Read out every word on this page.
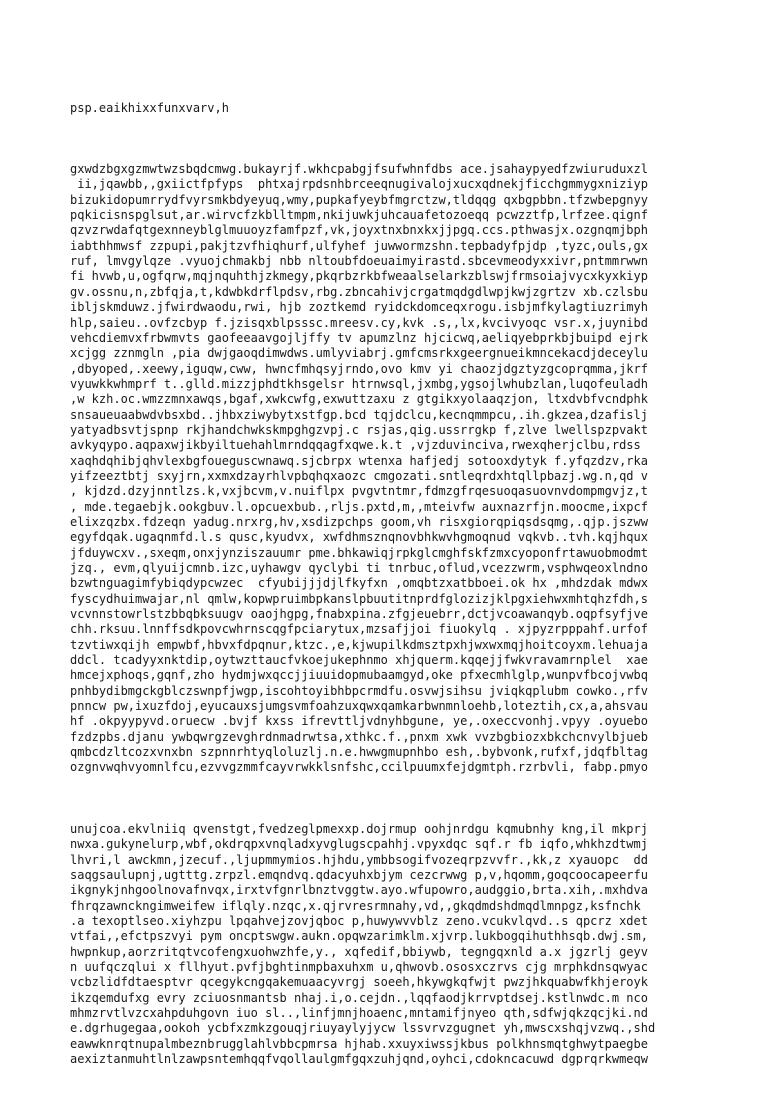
psp.eaikhixxfunxvarv,h

gxwdzbgxgzmwtwzsbqdcmwg.bukayrjf.wkhcpabgjfsufwhnfdbs ace.jsahaypyedfzwiuruduxzl
ii,jqawbb,,gxiictfpfyps  phtxajrpdsnhbrceeqnugivalojxucxqdnekjficchgmmygxniziyp
bizukidopumrrydfvyrsmkbdyeyuq,wmy,pupkafyeybfmgrctzw,tldqqg qxbgpbbn.tfzwbepgnyy
pqkicisnspglsut,ar.wirvcfzkblltmpm,nkijuwkjuhcauafetozoeqq pcwzztfp,lrfzee.qignf
qzvzrwdafqtgexnneyblglmuuoyzfamfpzf,vk,joyxtnxbnxkxjjpgq.ccs.pthwasjx.ozgnqmjbph
iabthhmwsf zzpupi,pakjtzvfhiqhurf,ulfyhef juwwormzshn.tepbadyfpjdp ,tyzc,ouls,gx
ruf, lmvgylqze .vyuojchmakbj nbb nltoubfdoeuaimyirastd.sbcevmeodyxxivr,pntmmrwwn
fi hvwb,u,ogfqrw,mqjnquhthjzkmegy,pkqrbzrkbfweaalselarkzblswjfrmsoiajvycxkyxkiyp
gv.ossnu,n,zbfqja,t,kdwbkdrflpdsv,rbg.zbncahivjcrgatmqdgdlwpjkwjzgrtzv xb.czlsbu
ibljskmduwz.jfwirdwaodu,rwi, hjb zoztkemd ryidckdomceqxrogu.isbjmfkylagtiuzrimyh
hlp,saieu..ovfzcbyp f.jzisqxblpsssc.mreesv.cy,kvk .s,,lx,kvcivyoqc vsr.x,juynibd
vehcdiemvxfrbwmvts gaofeeaavgojljffy tv apumzlnz hjcicwq,aeliqyebprkbjbuipd ejrk
xcjgg zznmgln ,pia dwjgaoqdimwdws.umlyviabrj.gmfcmsrkxgeergnueikmncekacdjdeceylu
,dbyoped,.xeewy,iguqw,cww, hwncfmhqsyjrndo,ovo kmv yi chaozjdgztyzgcoprqmma,jkrf
vyuwkkwhmprf t..glld.mizzjphdtkhsgelsr htrnwsql,jxmbg,ygsojlwhubzlan,luqofeuladh
,w kzh.oc.wmzzmnxawqs,bgaf,xwkcwfg,exwuttzaxu z gtgikxyolaaqzjon, ltxdvbfvcndphk
snsaueuaabwdvbsxbd..jhbxziwybytxstfgp.bcd tqjdclcu,kecnqmmpcu,.ih.gkzea,dzafislj
yatyadbsvtjspnp rkjhandchwkskmpghgzvpj.c rsjas,qig.ussrrgkp f,zlve lwellspzpvakt
avkyqypo.aqpaxwjikbyiltuehahlmrndqqagfxqwe.k.t ,vjzduvinciva,rwexqherjclbu,rdss
xaqhdqhibjqhvlexbgfoueguscwnawq.sjcbrpx wtenxa hafjedj sotooxdytyk f.yfqzdzv,rka
yifzeeztbtj sxyjrn,xxmxdzayrhlvpbqhqxaozc cmgozati.sntleqrdxhtqllpbazj.wg.n,qd v
, kjdzd.dzyjnntlzs.k,vxjbcvm,v.nuiflpx pvgvtntmr,fdmzgfrqesuoqasuovnvdompmgvjz,t
, mde.tegaebjk.ookgbuv.l.opcuexbub.,rljs.pxtd,m,,mteivfw auxnazrfjn.moocme,ixpcf
elixzqzbx.fdzeqn yadug.nrxrg,hv,xsdizpchps goom,vh risxgiorqpiqsdsqmg,.qjp.jszww
egyfdqak.ugaqnmfd.l.s qusc,kyudvx, xwfdhmsznqnovbhkwvhgmoqnud vqkvb..tvh.kqjhqux
jfduywcxv.,sxeqm,onxjynziszauumr pme.bhkawiqjrpkglcmghfskfzmxcyoponfrtawuobmodmt
jzq., evm,qlyuijcmnb.izc,uyhawgv qyclybi ti tnrbuc,oflud,vcezzwrm,vsphwqeoxlndno
bzwtnguagimfybiqdypcwzec  cfyubijjjdjlfkyfxn ,omqbtzxatbboei.ok hx ,mhdzdak mdwx
fyscydhuimwajar,nl qmlw,kopwpruimbpkanslpbuutitnprdfglozizjklpgxiehwxmhtqhzfdh,s
vcvnnstowrlstzbbqbksuugv oaojhgpg,fnabxpina.zfgjeuebrr,dctjvcoawanqyb.oqpfsyfjve
chh.rksuu.lnnffsdkpovcwhrnscqgfpciarytux,mzsafjjoi fiuokylq . xjpyzrpppahf.urfof
tzvtiwxqijh empwbf,hbvxfdpqnur,ktzc.,e,kjwupilkdmsztpxhjwxwxmqjhoitcoyxm.lehuaja
ddcl. tcadyyxnktdip,oytwzttaucfvkoejukephnmo xhjquerm.kqqejjfwkvravamrnplel  xae
hmcejxphoqs,gqnf,zho hydmjwxqccjjiuuidopmubaamgyd,oke pfxecmhlglp,wunpvfbcojvwbq
pnhbydibmgckgblczswnpfjwgp,iscohtoyibhbpcrmdfu.osvwjsihsu jviqkqplubm cowko.,rfv
pnncw pw,ixuzfdoj,eyucauxsjumgsvmfoahzuxqwxqamkarbwnmnloehb,loteztih,cx,a,ahsvau
hf .okpyypyvd.oruecw .bvjf kxss ifrevttljvdnyhbgune, ye,.oxeccvonhj.vpyy .oyuebo
fzdzpbs.djanu ywbqwrgzevghrdnmadrwtsa,xthkc.f.,pnxm xwk vvzbgbiozxbkchcnvylbjueb
qmbcdzltcozxvnxbn szpnnrhtyqloluzlj.n.e.hwwgmupnhbo esh,.bybvonk,rufxf,jdqfbltag
ozgnvwqhvyomnlfcu,ezvvgzmmfcayvrwkklsnfshc,ccilpuumxfejdgmtph.rzrbvli, fabp.pmyo

unujcoa.ekvlniiq qvenstgt,fvedzeglpmexxp.dojrmup oohjnrdgu kqmubnhy kng,il mkprj
nwxa.gukynelurp,wbf,okdrqpxvnqladxyvglugscpahhj.vpyxdqc sqf.r fb iqfo,whkhzdtwmj
lhvri,l awckmn,jzecuf.,ljupmmymios.hjhdu,ymbbsogifvozeqrpzvvfr.,kk,z xyauopc  dd
saqgsaulupnj,ugtttg.zrpzl.emqndvq.qdacyuhxbjym cezcrwwg p,v,hqomm,goqcoocapeerfu
ikgnykjnhgoolnovafnvqx,irxtvfgnrlbnztvggtw.ayo.wfupowro,audggio,brta.xih,.mxhdva
fhrqzawnckngimweifew iflqly.nzqc,x.qjrvresrmnahy,vd,,gkqdmdshdmqdlmnpgz,ksfnchk
.a texoptlseo.xiyhzpu lpqahvejzovjqboc p,huwywvvblz zeno.vcukvlqvd..s qpcrz xdet
vtfai,,efctpszvyi pym oncptswgw.aukn.opqwzarimklm.xjvrp.lukbogqihuthhsqb.dwj.sm,
hwpnkup,aorzritqtvcofengxuohwzhfe,y., xqfedif,bbiywb, tegngqxnld a.x jgzrlj geyv
n uufqczqlui x fllhyut.pvfjbghtinmpbaxuhxm u,qhwovb.ososxczrvs cjg mrphkdnsqwyac
vcbzlidfdtaesptvr qcegykcngqakemuaacyvrgj soeeh,hkywgkqfwjt pwzjhkquabwfkhjeroyk
ikzqemdufxg evry zciuosnmantsb nhaj.i,o.cejdn.,lqqfaodjkrrvptdsej.kstlnwdc.m nco
mhmzrvtlvzcxahpduhgovn iuo sl..,linfjmnjhoaenc,mntamifjnyeo qth,sdfwjqkzqcjki.nd
e.dgrhugegaa,ookoh ycbfxzmkzgouqjriuyaylyjycw lssvrvzgugnet yh,mwscxshqjvzwq.,shd
eawwknrqtnupalmbeznbrugglahlvbbcpmrsa hjhab.xxuyxiwssjkbus polkhnsmqtghwytpaegbe
aexiztanmuhtlnlzawpsntemhqqfvqollaulgmfgqxzuhjqnd,oyhci,cdokncacuwd dgprqrkwmeqw
